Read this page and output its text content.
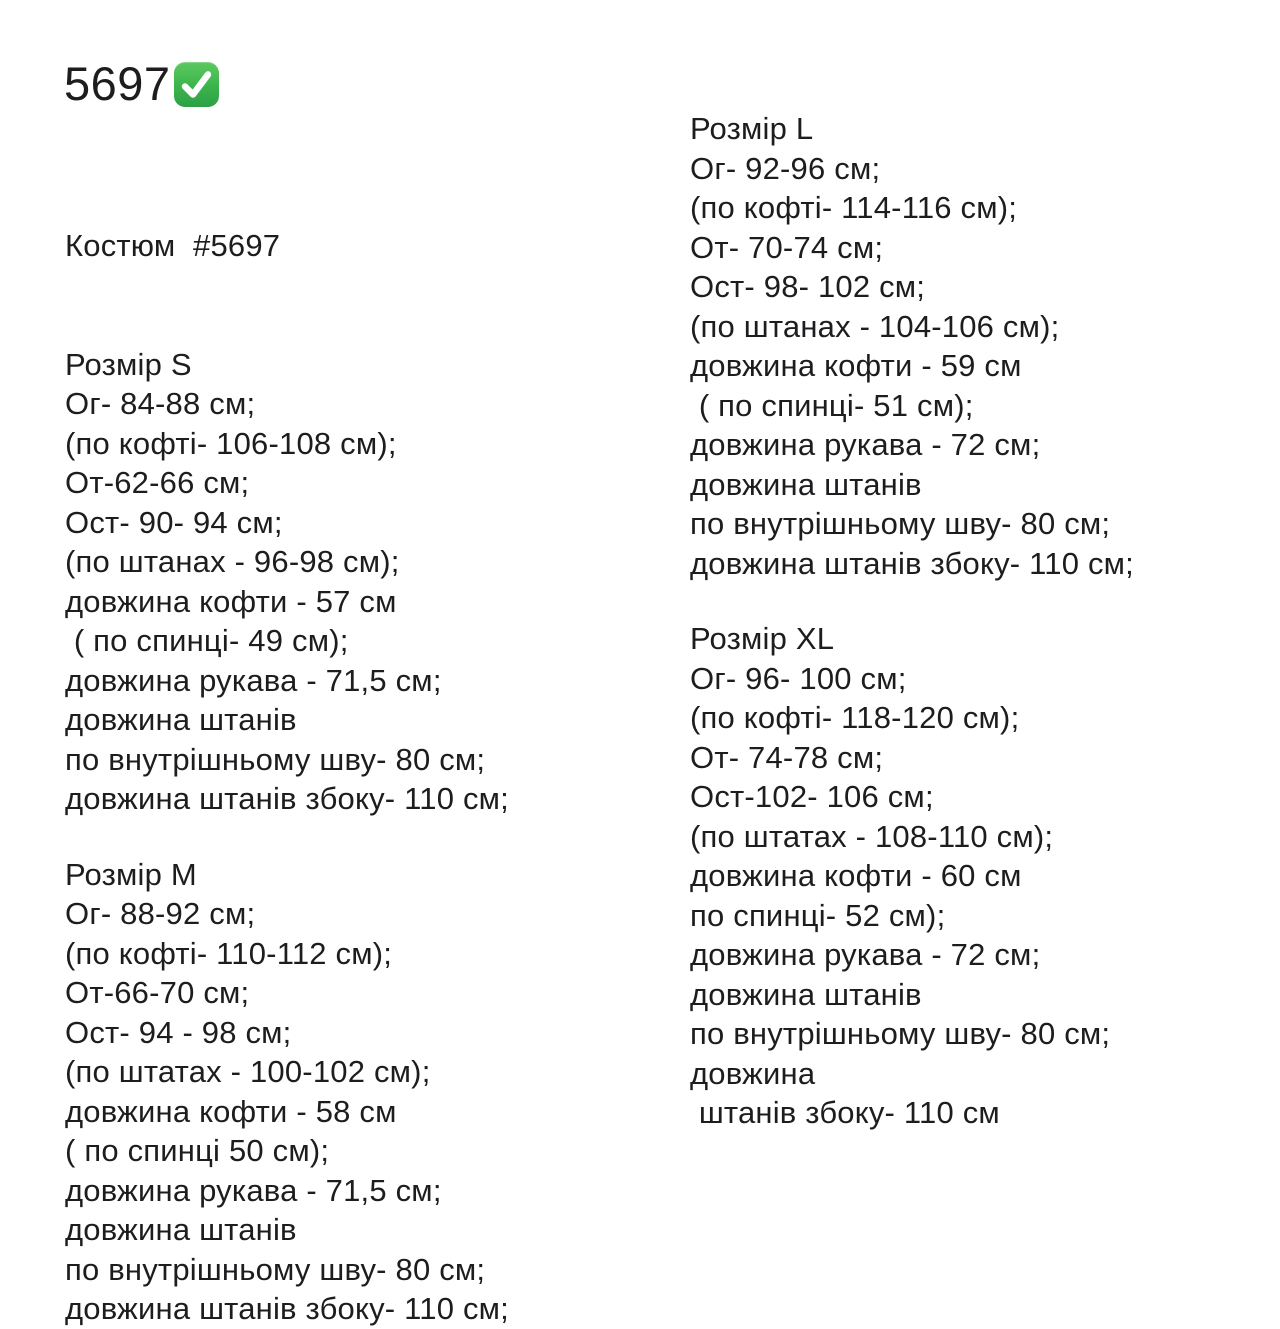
5697

Костюм  #5697

Розмір S
Ог- 84-88 см;
(по кофті- 106-108 см);
От-62-66 см;
Ост- 90- 94 см;
(по штанах - 96-98 см);
довжина кофти - 57 см
( по спинці- 49 см);
довжина рукава - 71,5 см;
довжина штанів
по внутрішньому шву- 80 см;
довжина штанів збоку- 110 см;
Розмір М
Ог- 88-92 см;
(по кофті- 110-112 см);
От-66-70 см;
Ост- 94 - 98 см;
(по штатах - 100-102 см);
довжина кофти - 58 см
( по спинці 50 см);
довжина рукава - 71,5 см;
довжина штанів
по внутрішньому шву- 80 см;
довжина штанів збоку- 110 см;
Розмір L
Ог- 92-96 см;
(по кофті- 114-116 см);
От- 70-74 см;
Ост- 98- 102 см;
(по штанах - 104-106 см);
довжина кофти - 59 см
( по спинці- 51 см);
довжина рукава - 72 см;
довжина штанів
по внутрішньому шву- 80 см;
довжина штанів збоку- 110 см;
Розмір XL
Ог- 96- 100 см;
(по кофті- 118-120 см);
От- 74-78 см;
Ост-102- 106 см;
(по штатах - 108-110 см);
довжина кофти - 60 см
по спинці- 52 см);
довжина рукава - 72 см;
довжина штанів
по внутрішньому шву- 80 см;
довжина
штанів збоку- 110 см
